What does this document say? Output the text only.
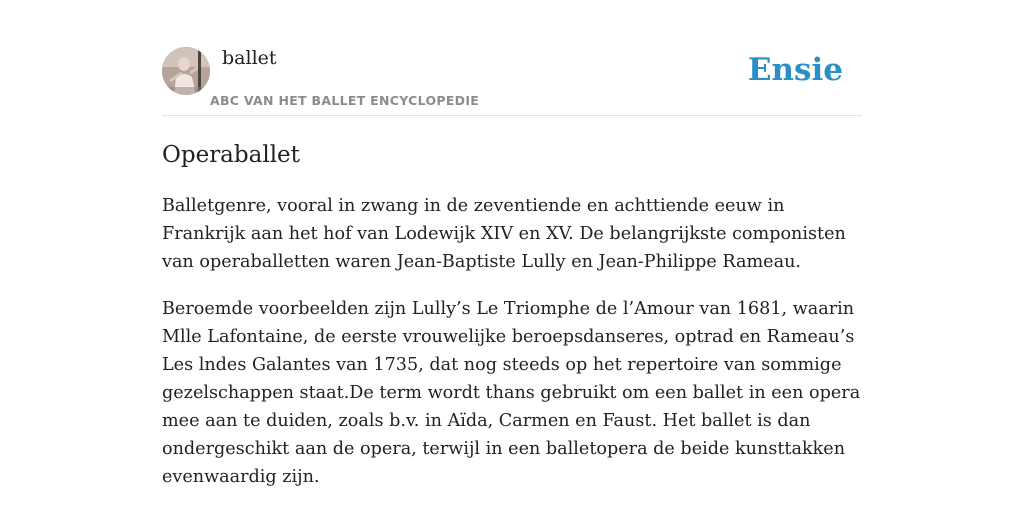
ballet
ABC VAN HET BALLET ENCYCLOPEDIE
Ensie
Operaballet

Balletgenre, vooral in zwang in de zeventiende en achttiende eeuw in Frankrijk aan het hof van Lodewijk XIV en XV. De belangrijkste componisten van operaballetten waren Jean-Baptiste Lully en Jean-Philippe Rameau.

Beroemde voorbeelden zijn Lully’s Le Triomphe de l’Amour van 1681, waarin Mlle Lafontaine, de eerste vrouwelijke beroepsdanseres, optrad en Rameau’s Les lndes Galantes van 1735, dat nog steeds op het repertoire van sommige gezelschappen staat.De term wordt thans gebruikt om een ballet in een opera mee aan te duiden, zoals b.v. in Aïda, Carmen en Faust. Het ballet is dan ondergeschikt aan de opera, terwijl in een balletopera de beide kunsttakken evenwaardig zijn.
